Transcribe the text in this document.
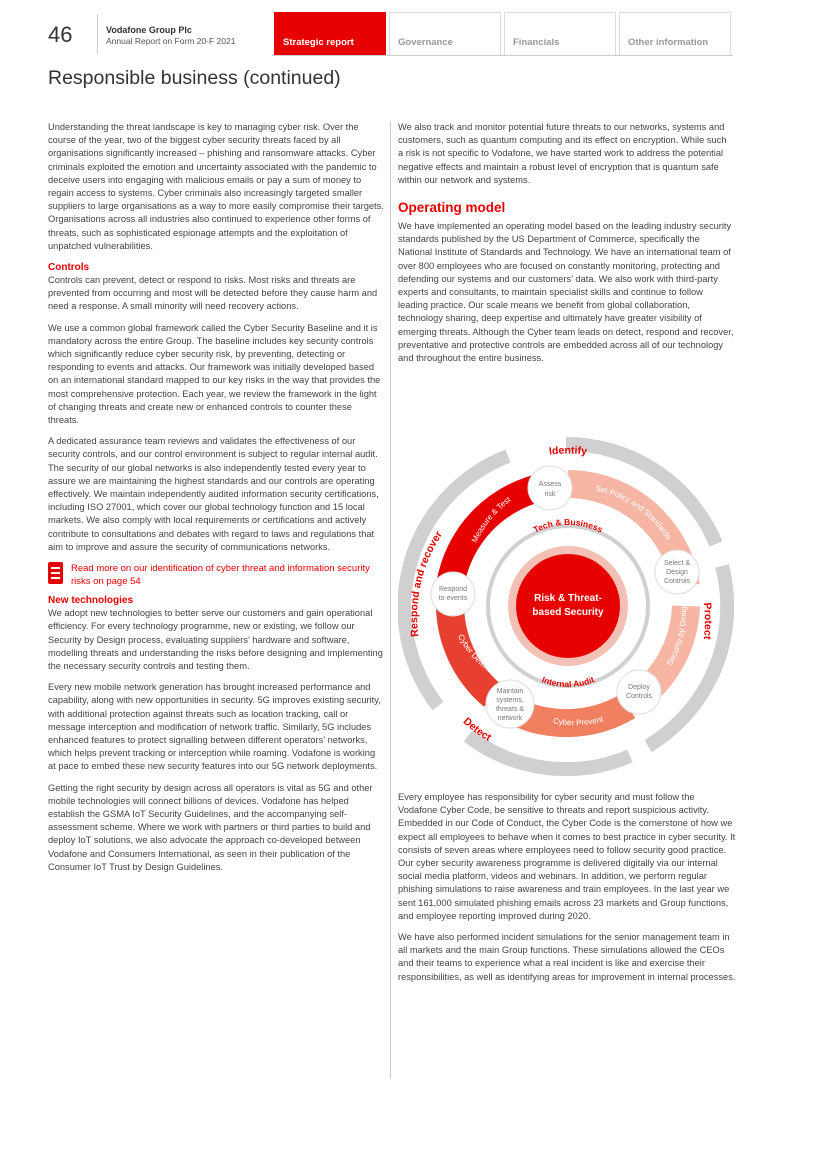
46	Vodafone Group Plc
Annual Report on Form 20-F 2021	Strategic report	Governance	Financials	Other information
Responsible business (continued)

Understanding the threat landscape is key to managing cyber risk. Over the course of the year, two of the biggest cyber security threats faced by all organisations significantly increased – phishing and ransomware attacks. Cyber criminals exploited the emotion and uncertainty associated with the pandemic to deceive users into engaging with malicious emails or pay a sum of money to regain access to systems. Cyber criminals also increasingly targeted smaller suppliers to large organisations as a way to more easily compromise their targets. Organisations across all industries also continued to experience other forms of threats, such as sophisticated espionage attempts and the exploitation of unpatched vulnerabilities.

Controls

Controls can prevent, detect or respond to risks. Most risks and threats are prevented from occurring and most will be detected before they cause harm and need a response. A small minority will need recovery actions.

We use a common global framework called the Cyber Security Baseline and it is mandatory across the entire Group. The baseline includes key security controls which significantly reduce cyber security risk, by preventing, detecting or responding to events and attacks. Our framework was initially developed based on an international standard mapped to our key risks in the way that provides the most comprehensive protection. Each year, we review the framework in the light of changing threats and create new or enhanced controls to counter these threats.

A dedicated assurance team reviews and validates the effectiveness of our security controls, and our control environment is subject to regular internal audit. The security of our global networks is also independently tested every year to assure we are maintaining the highest standards and our controls are operating effectively. We maintain independently audited information security certifications, including ISO 27001, which cover our global technology function and 15 local markets. We also comply with local requirements or certifications and actively contribute to consultations and debates with regard to laws and regulations that aim to improve and assure the security of communications networks.

Read more on our identification of cyber threat and information security risks on page 54
New technologies

We adopt new technologies to better serve our customers and gain operational efficiency. For every technology programme, new or existing, we follow our Security by Design process, evaluating suppliers’ hardware and software, modelling threats and understanding the risks before designing and implementing the necessary security controls and testing them.

Every new mobile network generation has brought increased performance and capability, along with new opportunities in security. 5G improves existing security, with additional protection against threats such as location tracking, call or message interception and modification of network traffic. Similarly, 5G includes enhanced features to protect signalling between different operators’ networks, which helps prevent tracking or interception while roaming. Vodafone is working at pace to embed these new security features into our 5G network deployments.

Getting the right security by design across all operators is vital as 5G and other mobile technologies will connect billions of devices. Vodafone has helped establish the GSMA IoT Security Guidelines, and the accompanying self-assessment scheme. Where we work with partners or third parties to build and deploy IoT solutions, we also advocate the approach co-developed between Vodafone and Consumers International, as seen in their publication of the Consumer IoT Trust by Design Guidelines.

We also track and monitor potential future threats to our networks, systems and customers, such as quantum computing and its effect on encryption. While such a risk is not specific to Vodafone, we have started work to address the potential negative effects and maintain a robust level of encryption that is quantum safe within our network and systems.

Operating model

We have implemented an operating model based on the leading industry security standards published by the US Department of Commerce, specifically the National Institute of Standards and Technology. We have an international team of over 800 employees who are focused on constantly monitoring, protecting and defending our systems and our customers’ data. We also work with third-party experts and consultants, to maintain specialist skills and continue to follow leading practice. Our scale means we benefit from global collaboration, technology sharing, deep expertise and ultimately have greater visibility of emerging threats. Although the Cyber team leads on detect, respond and recover, preventative and protective controls are embedded across all of our technology and throughout the entire business.

Identify
Protect
Detect
Respond and recover
Set Policy and Standards
Security by Design
Cyber Prevent
Cyber Defence
Measure & Test
Tech & Business
Internal Audit
Risk & Threat-
based Security
Assess
risk
Select &
Design
Controls
Deploy
Controls
Maintain
systems,
threats &
network
Respond
to events

Every employee has responsibility for cyber security and must follow the Vodafone Cyber Code, be sensitive to threats and report suspicious activity. Embedded in our Code of Conduct, the Cyber Code is the cornerstone of how we expect all employees to behave when it comes to best practice in cyber security. It consists of seven areas where employees need to follow security good practice. Our cyber security awareness programme is delivered digitally via our internal social media platform, videos and webinars. In addition, we perform regular phishing simulations to raise awareness and train employees. In the last year we sent 161,000 simulated phishing emails across 23 markets and Group functions, and employee reporting improved during 2020.

We have also performed incident simulations for the senior management team in all markets and the main Group functions. These simulations allowed the CEOs and their teams to experience what a real incident is like and exercise their responsibilities, as well as identifying areas for improvement in internal processes.
